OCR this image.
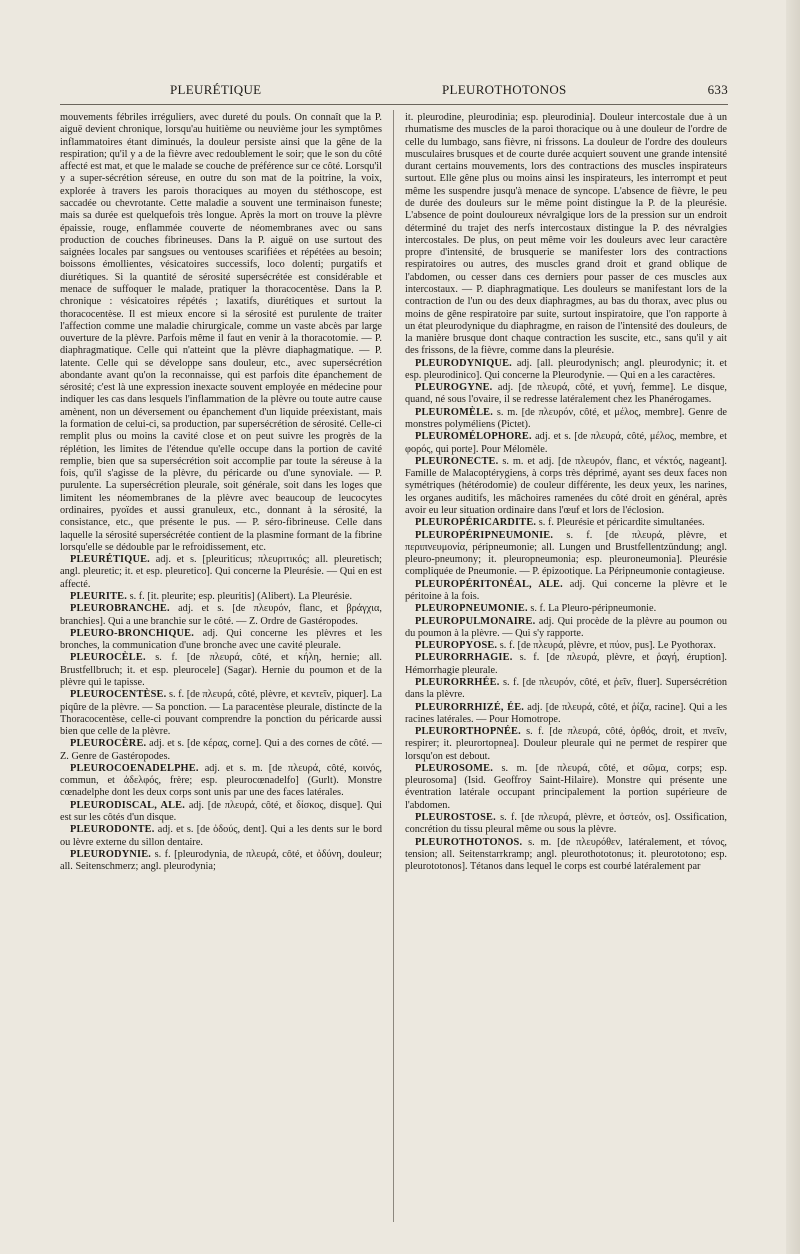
PLEURÉTIQUE	PLEUROTHOTONOS	633

mouvements fébriles irréguliers, avec dureté du pouls. On connaît que la P. aiguë devient chronique, lorsqu'au huitième ou neuvième jour les symptômes inflammatoires étant diminués, la douleur persiste ainsi que la gêne de la respiration; qu'il y a de la fièvre avec redoublement le soir; que le son du côté affecté est mat, et que le malade se couche de préférence sur ce côté. Lorsqu'il y a super-sécrétion séreuse, en outre du son mat de la poitrine, la voix, explorée à travers les parois thoraciques au moyen du stéthoscope, est saccadée ou chevrotante. Cette maladie a souvent une terminaison funeste; mais sa durée est quelquefois très longue. Après la mort on trouve la plèvre épaissie, rouge, enflammée couverte de néomembranes avec ou sans production de couches fibrineuses. Dans la P. aiguë on use surtout des saignées locales par sangsues ou ventouses scarifiées et répétées au besoin; boissons émollientes, vésicatoires successifs, loco dolenti; purgatifs et diurétiques. Si la quantité de sérosité supersécrétée est considérable et menace de suffoquer le malade, pratiquer la thoracocentèse. Dans la P. chronique : vésicatoires répétés ; laxatifs, diurétiques et surtout la thoracocentèse. Il est mieux encore si la sérosité est purulente de traiter l'affection comme une maladie chirurgicale, comme un vaste abcès par large ouverture de la plèvre. Parfois même il faut en venir à la thoracotomie. — P. diaphragmatique. Celle qui n'atteint que la plèvre diaphagmatique. — P. latente. Celle qui se développe sans douleur, etc., avec supersécrétion abondante avant qu'on la reconnaisse, qui est parfois dite épanchement de sérosité; c'est là une expression inexacte souvent employée en médecine pour indiquer les cas dans lesquels l'inflammation de la plèvre ou toute autre cause amènent, non un déversement ou épanchement d'un liquide préexistant, mais la formation de celui-ci, sa production, par supersécrétion de sérosité. Celle-ci remplit plus ou moins la cavité close et on peut suivre les progrès de la réplétion, les limites de l'étendue qu'elle occupe dans la portion de cavité remplie, bien que sa supersécrétion soit accomplie par toute la séreuse à la fois, qu'il s'agisse de la plèvre, du péricarde ou d'une synoviale. — P. purulente. La supersécrétion pleurale, soit générale, soit dans les loges que limitent les néomembranes de la plèvre avec beaucoup de leucocytes ordinaires, pyoïdes et aussi granuleux, etc., donnant à la sérosité, la consistance, etc., que présente le pus. — P. séro-fibrineuse. Celle dans laquelle la sérosité supersécrétée contient de la plasmine formant de la fibrine lorsqu'elle se dédouble par le refroidissement, etc.

PLEURÉTIQUE. adj. et s. [pleuriticus; πλευριτικός; all. pleuretisch; angl. pleuretic; it. et esp. pleuretico]. Qui concerne la Pleurésie. — Qui en est affecté.

PLEURITE. s. f. [it. pleurite; esp. pleuritis] (Alibert). La Pleurésie.

PLEUROBRANCHE. adj. et s. [de πλευρόν, flanc, et βράγχια, branchies]. Qui a une branchie sur le côté. — Z. Ordre de Gastéropodes.

PLEURO-BRONCHIQUE. adj. Qui concerne les plèvres et les bronches, la communication d'une bronche avec une cavité pleurale.

PLEUROCÈLE. s. f. [de πλευρά, côté, et κήλη, hernie; all. Brustfellbruch; it. et esp. pleurocele] (Sagar). Hernie du poumon et de la plèvre qui le tapisse.

PLEUROCENTÈSE. s. f. [de πλευρά, côté, plèvre, et κεντεῖν, piquer]. La piqûre de la plèvre. — Sa ponction. — La paracentèse pleurale, distincte de la Thoracocentèse, celle-ci pouvant comprendre la ponction du péricarde aussi bien que celle de la plèvre.

PLEUROCÈRE. adj. et s. [de κέρας, corne]. Qui a des cornes de côté. — Z. Genre de Gastéropodes.

PLEUROCOENADELPHE. adj. et s. m. [de πλευρά, côté, κοινός, commun, et ἀδελφός, frère; esp. pleurocœnadelfo] (Gurlt). Monstre cœnadelphe dont les deux corps sont unis par une des faces latérales.

PLEURODISCAL, ALE. adj. [de πλευρά, côté, et δίσκος, disque]. Qui est sur les côtés d'un disque.

PLEURODONTE. adj. et s. [de ὀδούς, dent]. Qui a les dents sur le bord ou lèvre externe du sillon dentaire.

PLEURODYNIE. s. f. [pleurodynia, de πλευρά, côté, et ὀδύνη, douleur; all. Seitenschmerz; angl. pleurodynia;

it. pleurodine, pleurodinia; esp. pleurodinia]. Douleur intercostale due à un rhumatisme des muscles de la paroi thoracique ou à une douleur de l'ordre de celle du lumbago, sans fièvre, ni frissons. La douleur de l'ordre des douleurs musculaires brusques et de courte durée acquiert souvent une grande intensité durant certains mouvements, lors des contractions des muscles inspirateurs surtout. Elle gêne plus ou moins ainsi les inspirateurs, les interrompt et peut même les suspendre jusqu'à menace de syncope. L'absence de fièvre, le peu de durée des douleurs sur le même point distingue la P. de la pleurésie. L'absence de point douloureux névralgique lors de la pression sur un endroit déterminé du trajet des nerfs intercostaux distingue la P. des névralgies intercostales. De plus, on peut même voir les douleurs avec leur caractère propre d'intensité, de brusquerie se manifester lors des contractions respiratoires ou autres, des muscles grand droit et grand oblique de l'abdomen, ou cesser dans ces derniers pour passer de ces muscles aux intercostaux. — P. diaphragmatique. Les douleurs se manifestant lors de la contraction de l'un ou des deux diaphragmes, au bas du thorax, avec plus ou moins de gêne respiratoire par suite, surtout inspiratoire, que l'on rapporte à un état pleurodynique du diaphragme, en raison de l'intensité des douleurs, de la manière brusque dont chaque contraction les suscite, etc., sans qu'il y ait des frissons, de la fièvre, comme dans la pleurésie.

PLEURODYNIQUE. adj. [all. pleurodynisch; angl. pleurodynic; it. et esp. pleurodinico]. Qui concerne la Pleurodynie. — Qui en a les caractères.

PLEUROGYNE. adj. [de πλευρά, côté, et γυνή, femme]. Le disque, quand, né sous l'ovaire, il se redresse latéralement chez les Phanérogames.

PLEUROMÈLE. s. m. [de πλευρόν, côté, et μέλος, membre]. Genre de monstres polyméliens (Pictet).

PLEUROMÉLOPHORE. adj. et s. [de πλευρά, côté, μέλος, membre, et φορός, qui porte]. Pour Mélomèle.

PLEURONECTE. s. m. et adj. [de πλευρόν, flanc, et νέκτός, nageant]. Famille de Malacoptérygiens, à corps très déprimé, ayant ses deux faces non symétriques (hétérodomie) de couleur différente, les deux yeux, les narines, les organes auditifs, les mâchoires ramenées du côté droit en général, après avoir eu leur situation ordinaire dans l'œuf et lors de l'éclosion.

PLEUROPÉRICARDITE. s. f. Pleurésie et péricardite simultanées.

PLEUROPÉRIPNEUMONIE. s. f. [de πλευρά, plèvre, et περιπνευμονία, péripneumonie; all. Lungen und Brustfellentzündung; angl. pleuro-pneumony; it. pleuropneumonia; esp. pleuroneumonia]. Pleurésie compliquée de Pneumonie. — P. épizootique. La Péripneumonie contagieuse.

PLEUROPÉRITONÉAL, ALE. adj. Qui concerne la plèvre et le péritoine à la fois.

PLEUROPNEUMONIE. s. f. La Pleuro-péripneumonie.

PLEUROPULMONAIRE. adj. Qui procède de la plèvre au poumon ou du poumon à la plèvre. — Qui s'y rapporte.

PLEUROPYOSE. s. f. [de πλευρά, plèvre, et πύον, pus]. Le Pyothorax.

PLEURORRHAGIE. s. f. [de πλευρά, plèvre, et ῥαγή, éruption]. Hémorrhagie pleurale.

PLEURORRHÉE. s. f. [de πλευρόν, côté, et ῥεῖν, fluer]. Supersécrétion dans la plèvre.

PLEURORRHIZÉ, ÉE. adj. [de πλευρά, côté, et ῥίζα, racine]. Qui a les racines latérales. — Pour Homotrope.

PLEURORTHOPNÉE. s. f. [de πλευρά, côté, ὀρθός, droit, et πνεῖν, respirer; it. pleurortopnea]. Douleur pleurale qui ne permet de respirer que lorsqu'on est debout.

PLEUROSOME. s. m. [de πλευρά, côté, et σῶμα, corps; esp. pleurosoma] (Isid. Geoffroy Saint-Hilaire). Monstre qui présente une éventration latérale occupant principalement la portion supérieure de l'abdomen.

PLEUROSTOSE. s. f. [de πλευρά, plèvre, et ὀστεόν, os]. Ossification, concrétion du tissu pleural même ou sous la plèvre.

PLEUROTHOTONOS. s. m. [de πλευρόθεν, latéralement, et τόνος, tension; all. Seitenstarrkramp; angl. pleurothototonus; it. pleurototono; esp. pleurototonos]. Tétanos dans lequel le corps est courbé latéralement par
